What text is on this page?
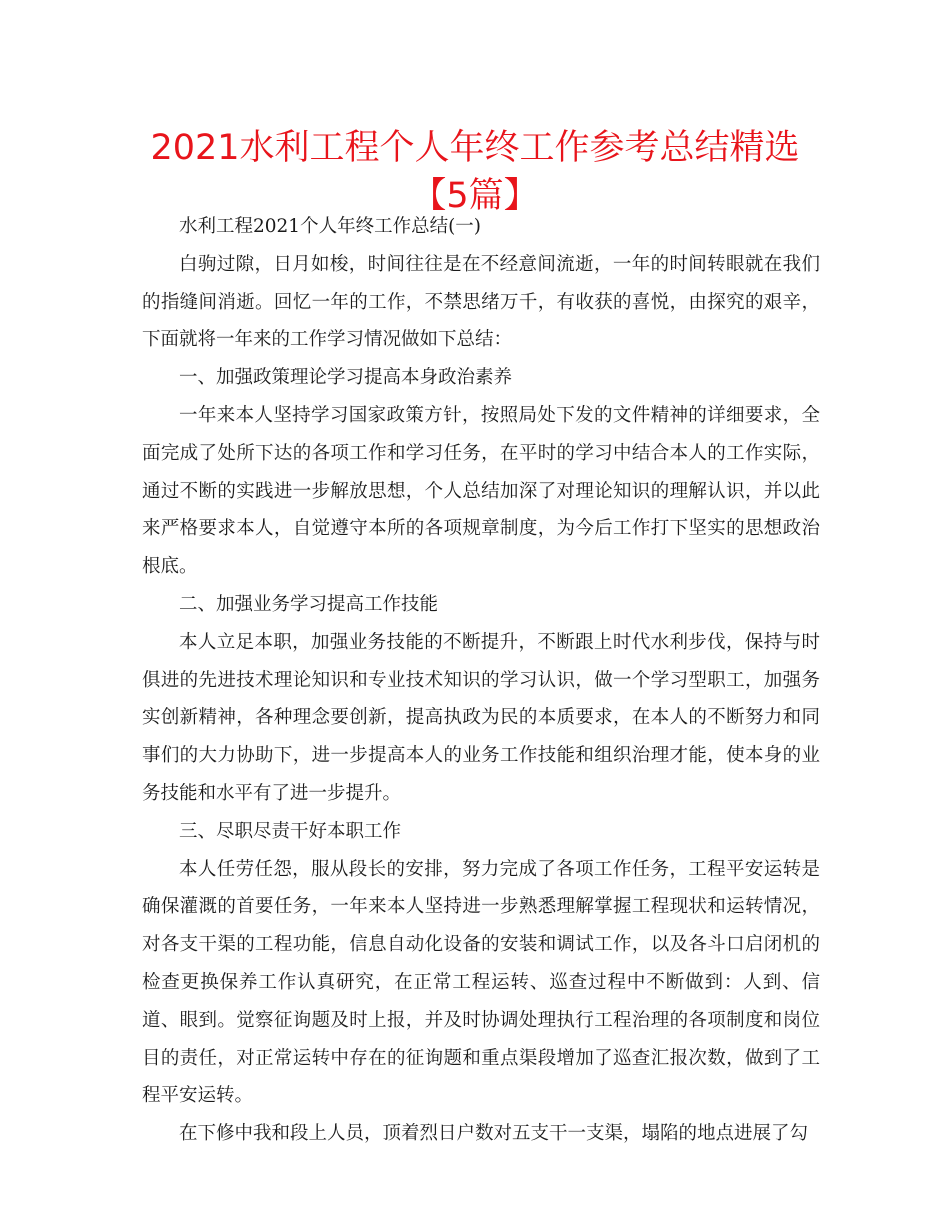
2021水利工程个人年终工作参考总结精选【5篇】

水利工程2021个人年终工作总结(一)

白驹过隙，日月如梭，时间往往是在不经意间流逝，一年的时间转眼就在我们的指缝间消逝。回忆一年的工作，不禁思绪万千，有收获的喜悦，由探究的艰辛，下面就将一年来的工作学习情况做如下总结：

一、加强政策理论学习提高本身政治素养

一年来本人坚持学习国家政策方针，按照局处下发的文件精神的详细要求，全面完成了处所下达的各项工作和学习任务，在平时的学习中结合本人的工作实际，通过不断的实践进一步解放思想，个人总结加深了对理论知识的理解认识，并以此来严格要求本人，自觉遵守本所的各项规章制度，为今后工作打下坚实的思想政治根底。

二、加强业务学习提高工作技能

本人立足本职，加强业务技能的不断提升，不断跟上时代水利步伐，保持与时俱进的先进技术理论知识和专业技术知识的学习认识，做一个学习型职工，加强务实创新精神，各种理念要创新，提高执政为民的本质要求，在本人的不断努力和同事们的大力协助下，进一步提高本人的业务工作技能和组织治理才能，使本身的业务技能和水平有了进一步提升。

三、尽职尽责干好本职工作

本人任劳任怨，服从段长的安排，努力完成了各项工作任务，工程平安运转是确保灌溉的首要任务，一年来本人坚持进一步熟悉理解掌握工程现状和运转情况，对各支干渠的工程功能，信息自动化设备的安装和调试工作，以及各斗口启闭机的检查更换保养工作认真研究，在正常工程运转、巡查过程中不断做到：人到、信道、眼到。觉察征询题及时上报，并及时协调处理执行工程治理的各项制度和岗位目的责任，对正常运转中存在的征询题和重点渠段增加了巡查汇报次数，做到了工程平安运转。

在下修中我和段上人员，顶着烈日户数对五支干一支渠，塌陷的地点进展了勾
